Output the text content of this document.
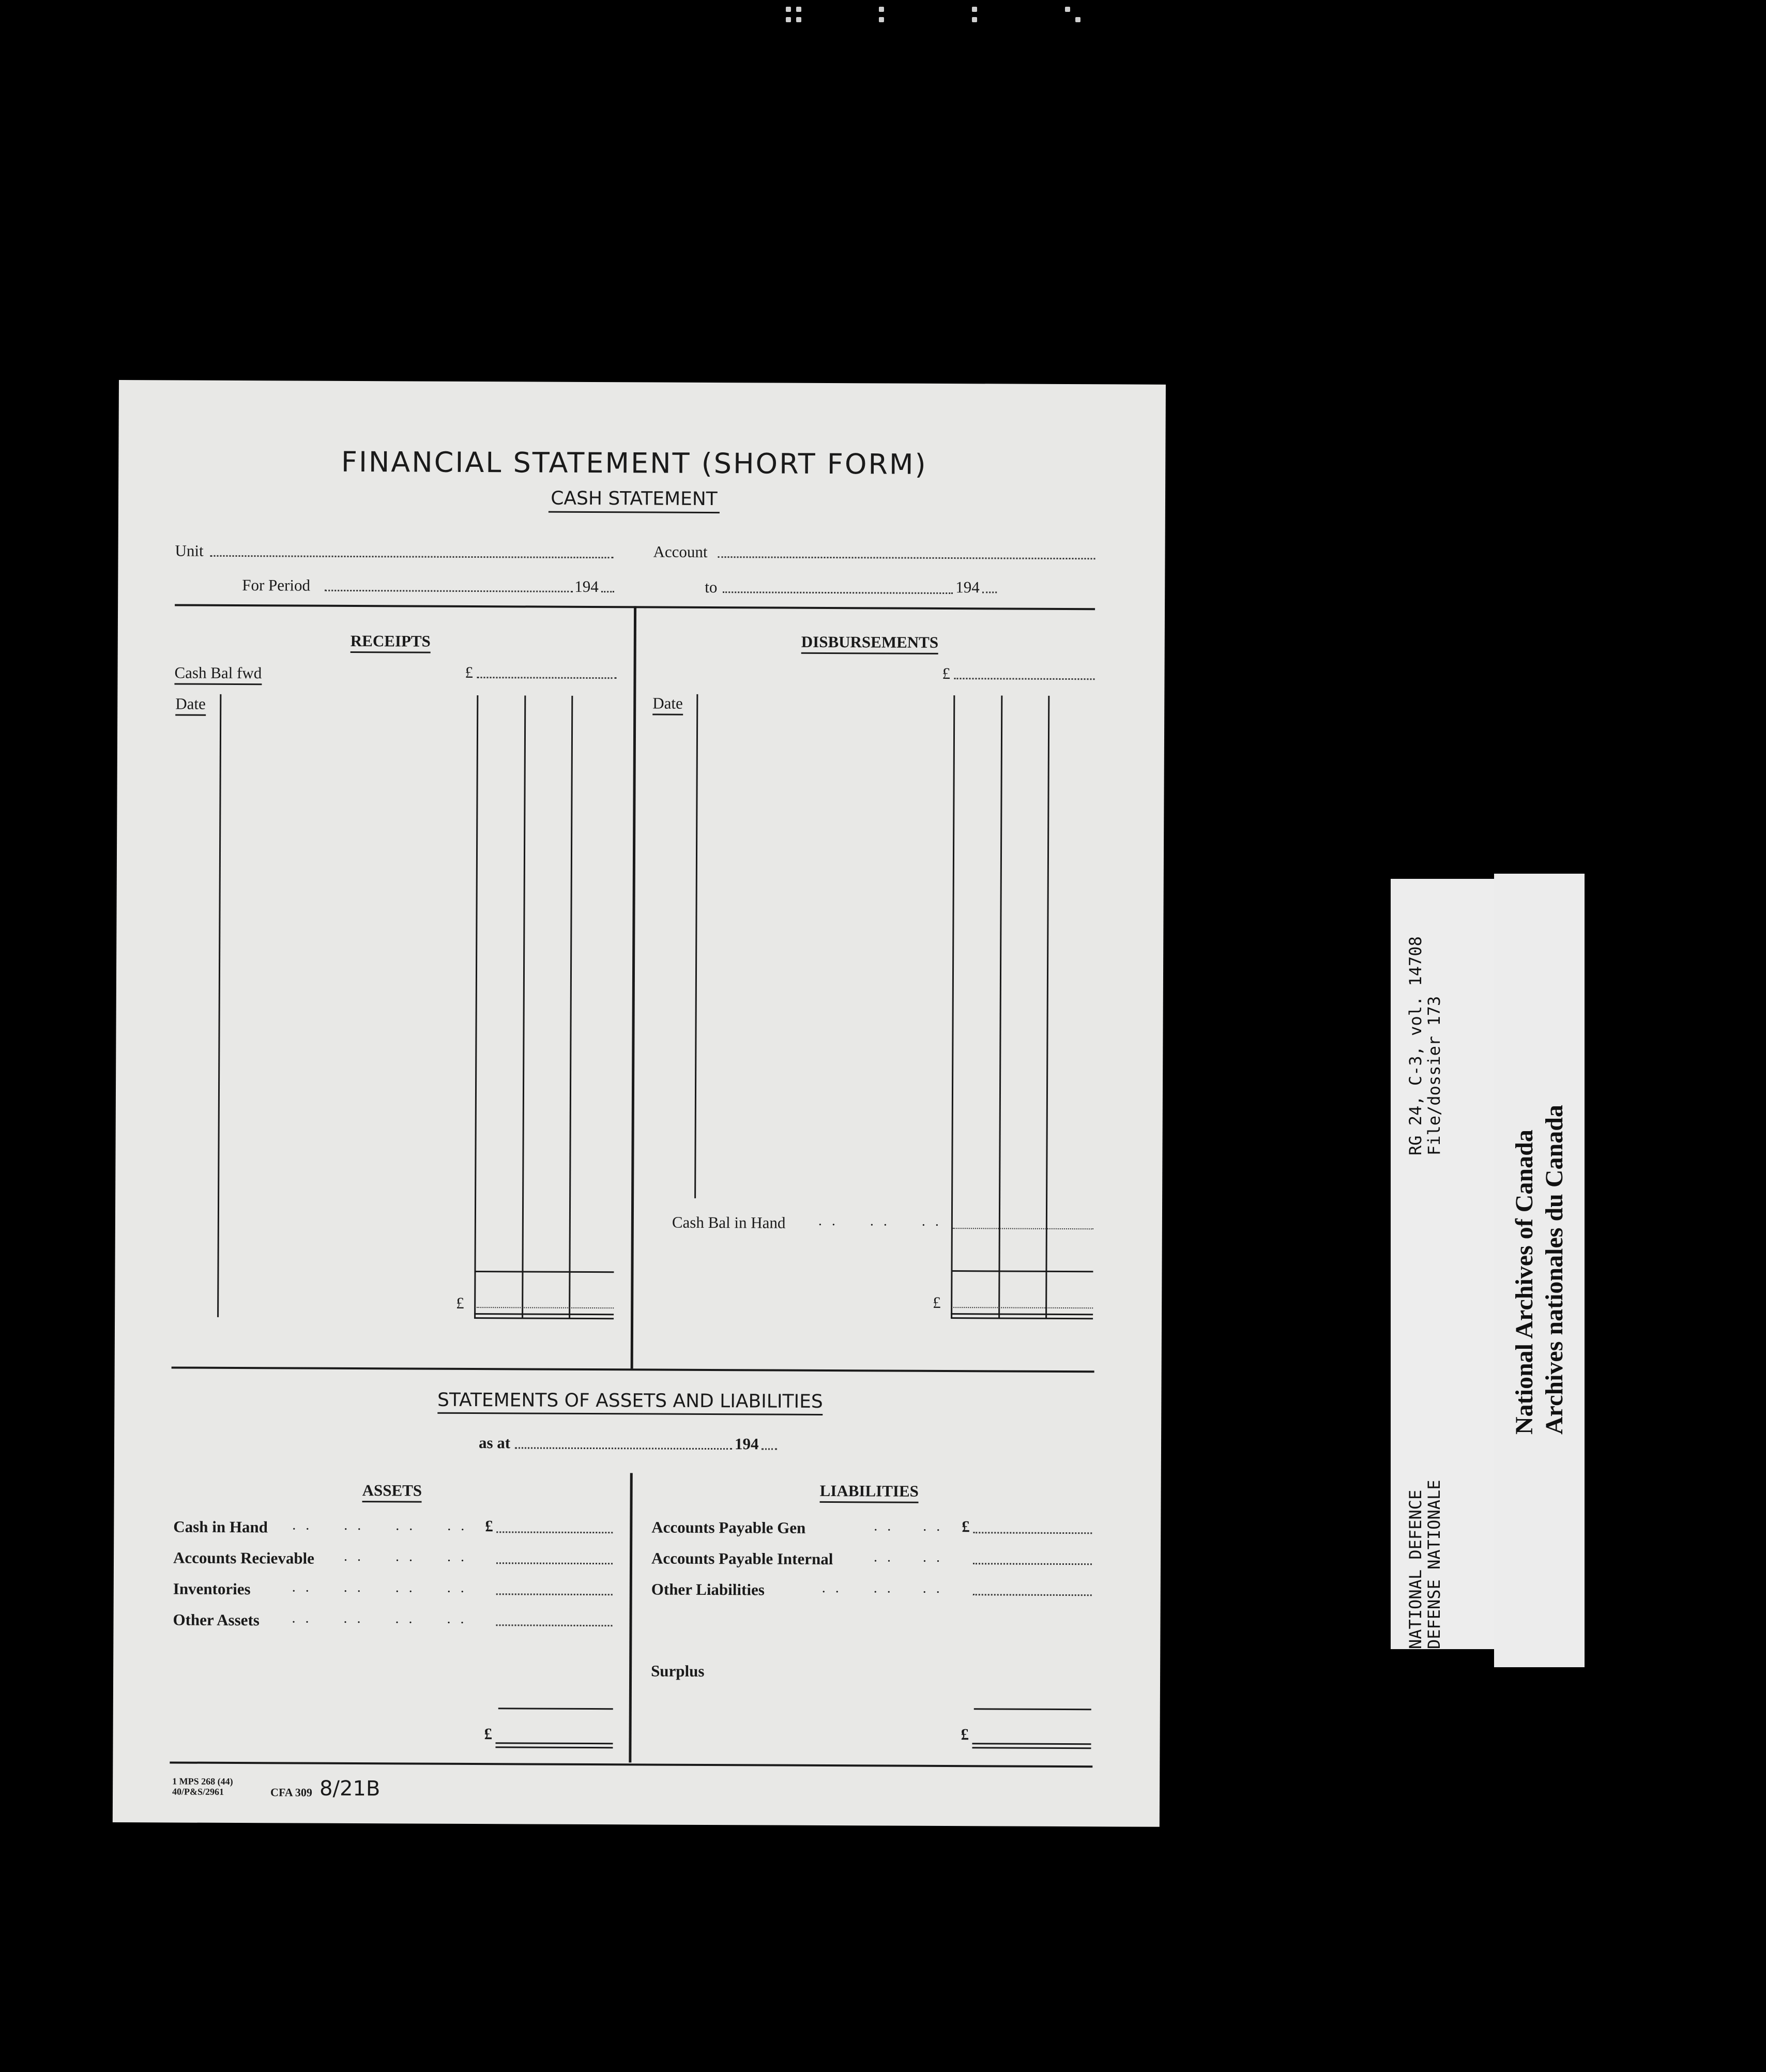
FINANCIAL STATEMENT (SHORT FORM)
CASH STATEMENT
Unit	Account
For Period	194	to	194
RECEIPTS
Cash Bal fwd	£
Date
£
DISBURSEMENTS
£
Date
Cash Bal in Hand . . . . . .
£
STATEMENTS OF ASSETS AND LIABILITIES
as at	194
ASSETS	LIABILITIES
Cash in Hand . . . . . . . . £
Accounts Recievable . . . . . .
Inventories	. . . . . . . .
Other Assets . . . . . . . .
£
Accounts Payable Gen	. . . . £
Accounts Payable Internal	. . . .
Other Liabilities	. . . . . .
Surplus
£
1 MPS 268 (44)
40/P&S/2961	CFA 309 8/21B
RG 24, C-3, vol. 14708
File/dossier 173
NATIONAL DEFENCE
DEFENSE NATIONALE
National Archives of Canada Archives nationales du Canada
